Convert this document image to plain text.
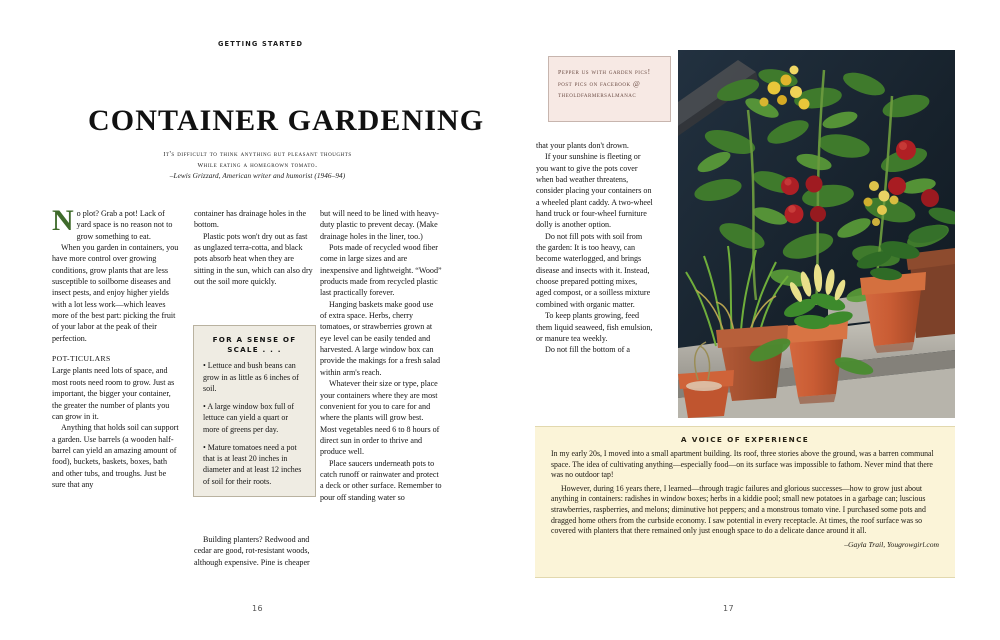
GETTING STARTED
CONTAINER GARDENING
it's difficult to think anything but pleasant thoughts
while eating a homegrown tomato.
–Lewis Grizzard, American writer and humorist (1946–94)

No plot? Grab a pot! Lack of yard space is no reason not to grow something to eat.

When you garden in containers, you have more control over growing conditions, grow plants that are less susceptible to soilborne diseases and insect pests, and enjoy higher yields with a lot less work—which leaves more of the best part: picking the fruit of your labor at the peak of their perfection.

POT-TICULARS

Large plants need lots of space, and most roots need room to grow. Just as important, the bigger your container, the greater the number of plants you can grow in it.

Anything that holds soil can support a garden. Use barrels (a wooden half-barrel can yield an amazing amount of food), buckets, baskets, boxes, bath and other tubs, and troughs. Just be sure that any

container has drainage holes in the bottom.

Plastic pots won't dry out as fast as unglazed terra-cotta, and black pots absorb heat when they are sitting in the sun, which can also dry out the soil more quickly.

FOR A SENSE OF SCALE . . .
• Lettuce and bush beans can grow in as little as 6 inches of soil.
• A large window box full of lettuce can yield a quart or more of greens per day.
• Mature tomatoes need a pot that is at least 20 inches in diameter and at least 12 inches of soil for their roots.

Building planters? Redwood and cedar are good, rot-resistant woods, although expensive. Pine is cheaper

but will need to be lined with heavy-duty plastic to prevent decay. (Make drainage holes in the liner, too.)

Pots made of recycled wood fiber come in large sizes and are inexpensive and lightweight. “Wood” products made from recycled plastic last practically forever.

Hanging baskets make good use of extra space. Herbs, cherry tomatoes, or strawberries grown at eye level can be easily tended and harvested. A large window box can provide the makings for a fresh salad within arm's reach.

Whatever their size or type, place your containers where they are most convenient for you to care for and where the plants will grow best. Most vegetables need 6 to 8 hours of direct sun in order to thrive and produce well.

Place saucers underneath pots to catch runoff or rainwater and protect a deck or other surface. Remember to pour off standing water so

16
pepper us with garden pics! post pics on facebook @ theoldfarmersalmanac

that your plants don't drown.

If your sunshine is fleeting or you want to give the pots cover when bad weather threatens, consider placing your containers on a wheeled plant caddy. A two-wheel hand truck or four-wheel furniture dolly is another option.

Do not fill pots with soil from the garden: It is too heavy, can become waterlogged, and brings disease and insects with it. Instead, choose prepared potting mixes, aged compost, or a soilless mixture combined with organic matter.

To keep plants growing, feed them liquid seaweed, fish emulsion, or manure tea weekly.

Do not fill the bottom of a

A VOICE OF EXPERIENCE

In my early 20s, I moved into a small apartment building. Its roof, three stories above the ground, was a barren communal space. The idea of cultivating anything—especially food—on its surface was impossible to fathom. Never mind that there was no outdoor tap!

However, during 16 years there, I learned—through tragic failures and glorious successes—how to grow just about anything in containers: radishes in window boxes; herbs in a kiddie pool; small new potatoes in a garbage can; luscious strawberries, raspberries, and melons; diminutive hot peppers; and a monstrous tomato vine. I purchased some pots and dragged home others from the curbside economy. I saw potential in every receptacle. At times, the roof surface was so covered with planters that there remained only just enough space to do a delicate dance around it all.

–Gayla Trail, Yougrowgirl.com
17
